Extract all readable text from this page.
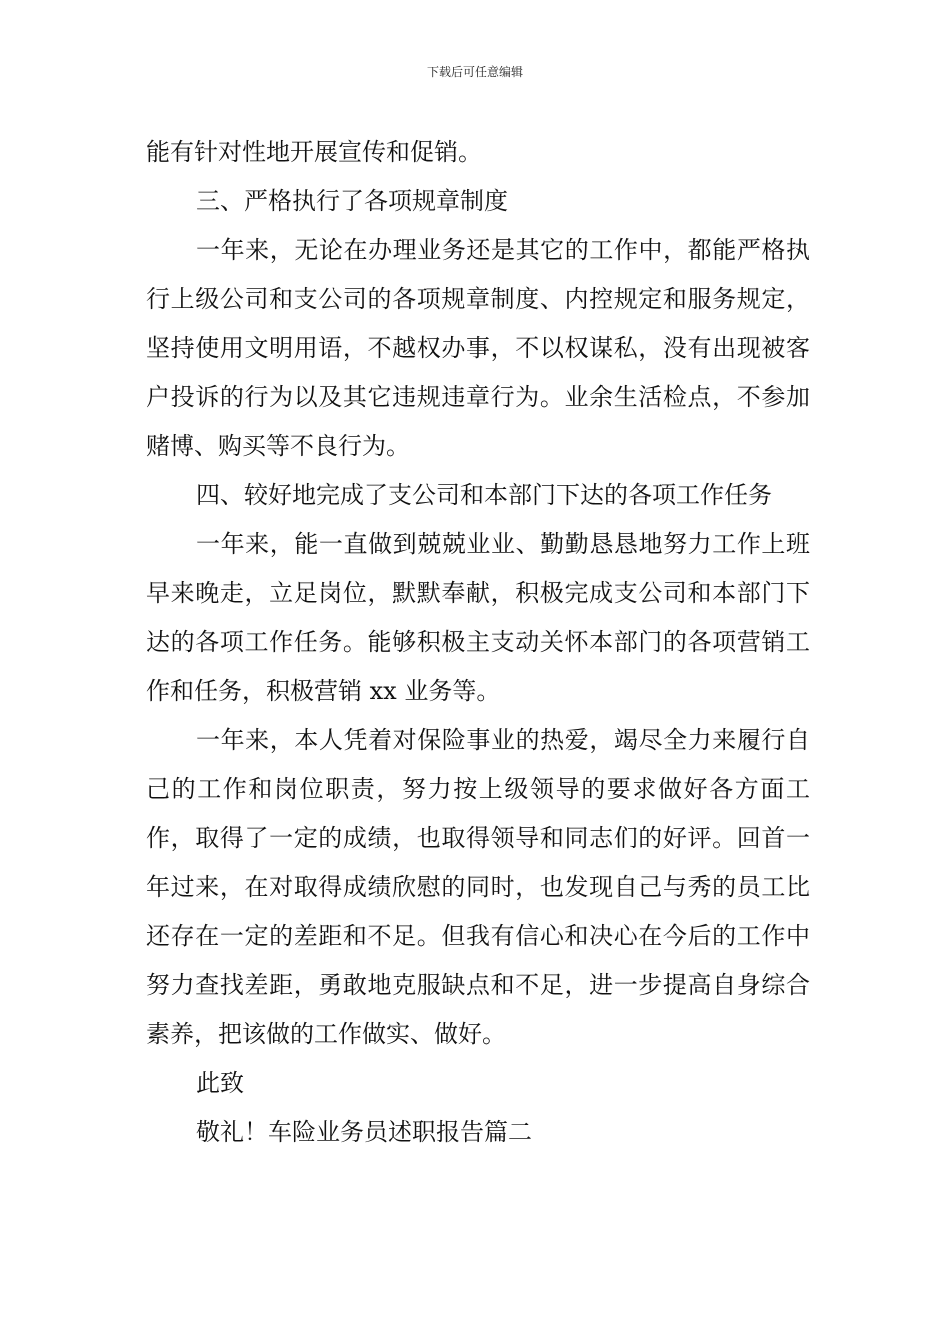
下载后可任意编辑

能有针对性地开展宣传和促销。

三、严格执行了各项规章制度

一年来，无论在办理业务还是其它的工作中，都能严格执行上级公司和支公司的各项规章制度、内控规定和服务规定，坚持使用文明用语，不越权办事，不以权谋私，没有出现被客户投诉的行为以及其它违规违章行为。业余生活检点，不参加赌博、购买等不良行为。

四、较好地完成了支公司和本部门下达的各项工作任务

一年来，能一直做到兢兢业业、勤勤恳恳地努力工作上班早来晚走，立足岗位，默默奉献，积极完成支公司和本部门下达的各项工作任务。能够积极主支动关怀本部门的各项营销工作和任务，积极营销 xx 业务等。

一年来，本人凭着对保险事业的热爱，竭尽全力来履行自己的工作和岗位职责，努力按上级领导的要求做好各方面工作，取得了一定的成绩，也取得领导和同志们的好评。回首一年过来，在对取得成绩欣慰的同时，也发现自己与秀的员工比还存在一定的差距和不足。但我有信心和决心在今后的工作中努力查找差距，勇敢地克服缺点和不足，进一步提高自身综合素养，把该做的工作做实、做好。

此致

敬礼！车险业务员述职报告篇二
